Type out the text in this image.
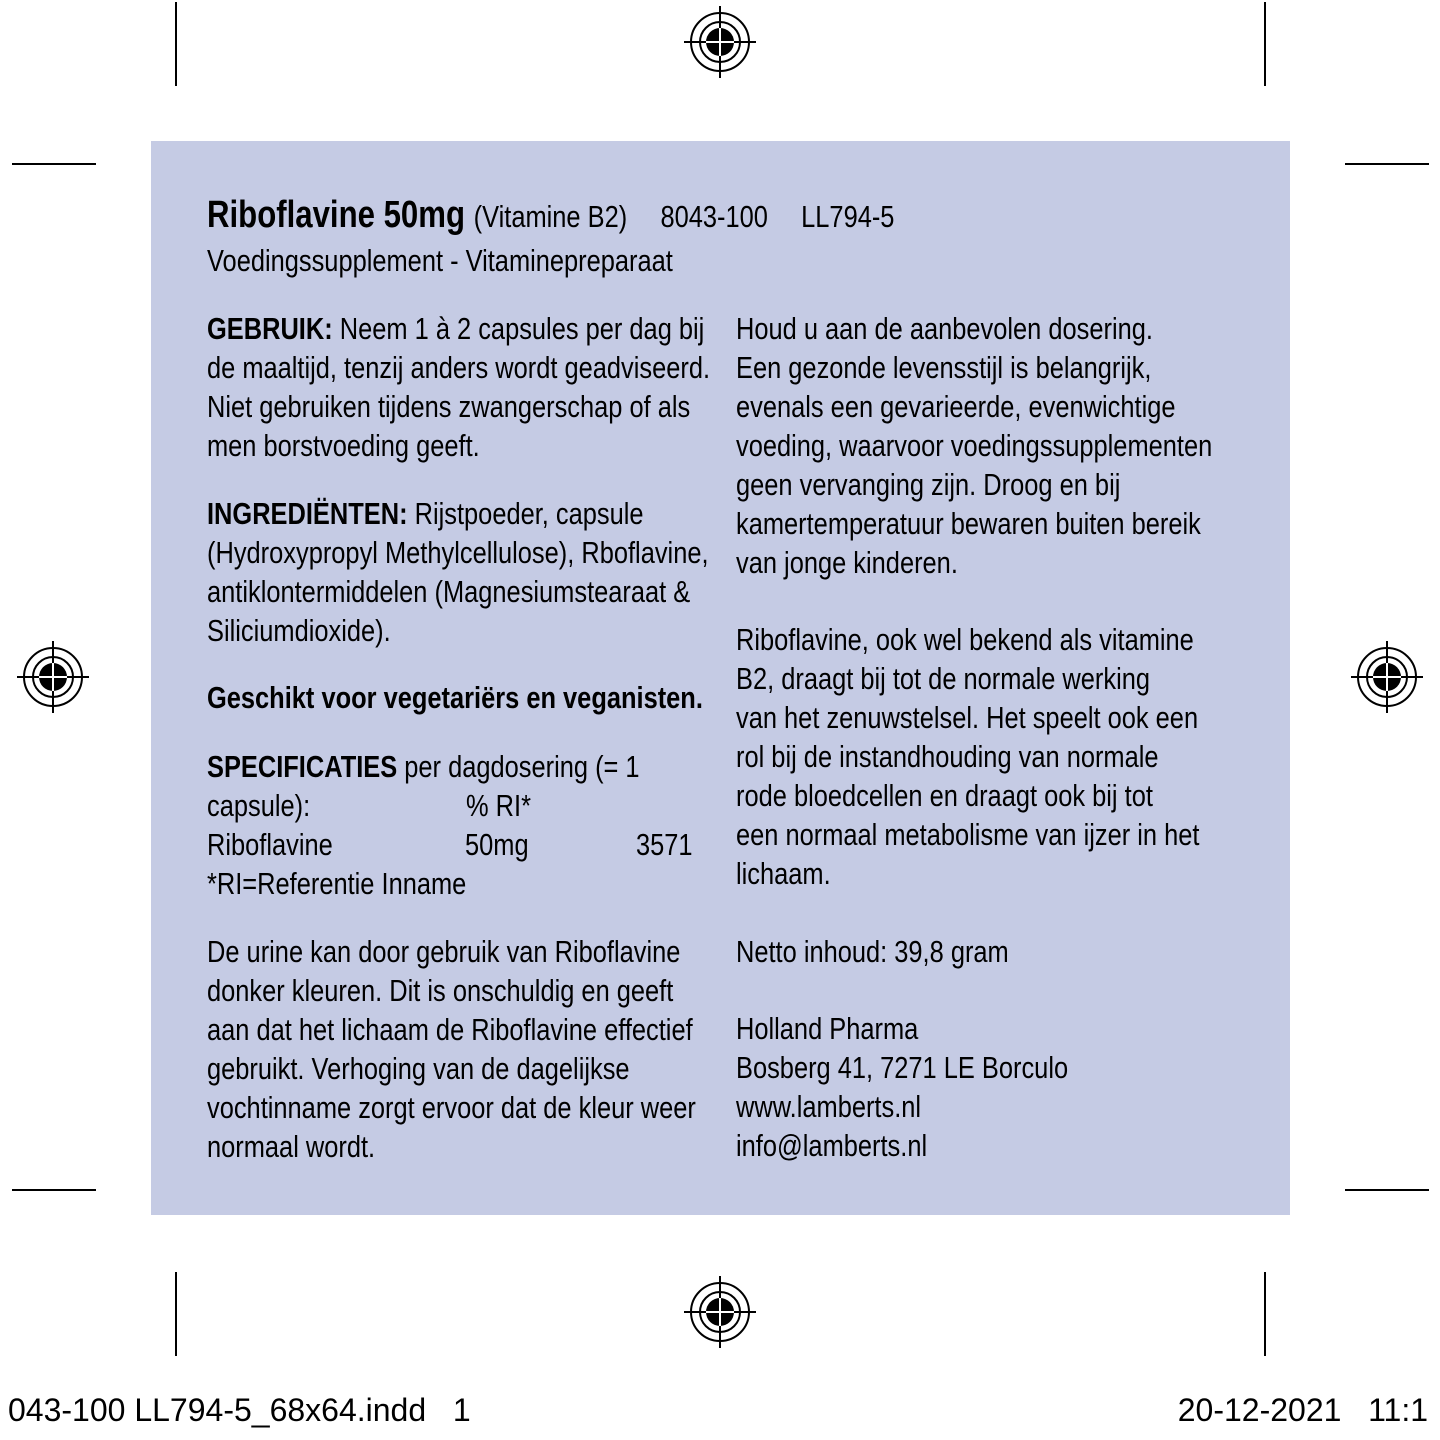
Riboflavine 50mg (Vitamine B2) 8043-100 LL794-5
Voedingssupplement - Vitaminepreparaat
GEBRUIK: Neem 1 à 2 capsules per dag bij
de maaltijd, tenzij anders wordt geadviseerd.
Niet gebruiken tijdens zwangerschap of als
men borstvoeding geeft.
INGREDIËNTEN: Rijstpoeder, capsule
(Hydroxypropyl Methylcellulose), Rboflavine,
antiklontermiddelen (Magnesiumstearaat &
Siliciumdioxide).
Geschikt voor vegetariërs en veganisten.
SPECIFICATIES per dagdosering (= 1
capsule):	% RI*
Riboflavine	50mg	3571
*RI=Referentie Inname
De urine kan door gebruik van Riboflavine
donker kleuren. Dit is onschuldig en geeft
aan dat het lichaam de Riboflavine effectief
gebruikt. Verhoging van de dagelijkse
vochtinname zorgt ervoor dat de kleur weer
normaal wordt.
Houd u aan de aanbevolen dosering.
Een gezonde levensstijl is belangrijk,
evenals een gevarieerde, evenwichtige
voeding, waarvoor voedingssupplementen
geen vervanging zijn. Droog en bij
kamertemperatuur bewaren buiten bereik
van jonge kinderen.
Riboflavine, ook wel bekend als vitamine
B2, draagt bij tot de normale werking
van het zenuwstelsel. Het speelt ook een
rol bij de instandhouding van normale
rode bloedcellen en draagt ook bij tot
een normaal metabolisme van ijzer in het
lichaam.
Netto inhoud: 39,8 gram
Holland Pharma
Bosberg 41, 7271 LE Borculo
www.lamberts.nl
info@lamberts.nl
043-100 LL794-5_68x64.indd   1	20-12-2021   11:1
